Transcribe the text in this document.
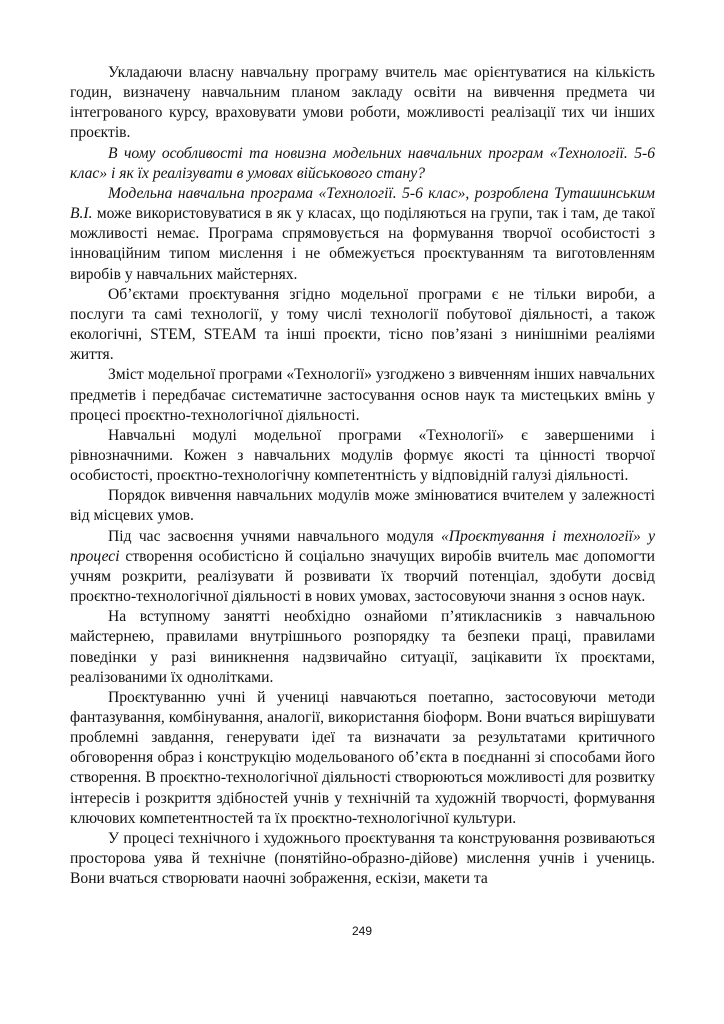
Укладаючи власну навчальну програму вчитель має орієнтуватися на кількість годин, визначену навчальним планом закладу освіти на вивчення предмета чи інтегрованого курсу, враховувати умови роботи, можливості реалізації тих чи інших проєктів.

В чому особливості та новизна модельних навчальних програм «Технології. 5-6 клас» і як їх реалізувати в умовах військового стану?

Модельна навчальна програма «Технології. 5-6 клас», розроблена Туташинським В.І. може використовуватися в як у класах, що поділяються на групи, так і там, де такої можливості немає. Програма спрямовується на формування творчої особистості з інноваційним типом мислення і не обмежується проєктуванням та виготовленням виробів у навчальних майстернях.

Об’єктами проєктування згідно модельної програми є не тільки вироби, а послуги та самі технології, у тому числі технології побутової діяльності, а також екологічні, STEM, STEAM та інші проєкти, тісно пов’язані з нинішніми реаліями життя.

Зміст модельної програми «Технології» узгоджено з вивченням інших навчальних предметів і передбачає систематичне застосування основ наук та мистецьких вмінь у процесі проєктно-технологічної діяльності.

Навчальні модулі модельної програми «Технології» є завершеними і рівнозначними. Кожен з навчальних модулів формує якості та цінності творчої особистості, проєктно-технологічну компетентність у відповідній галузі діяльності.

Порядок вивчення навчальних модулів може змінюватися вчителем у залежності від місцевих умов.

Під час засвоєння учнями навчального модуля «Проєктування і технології» у процесі створення особистісно й соціально значущих виробів вчитель має допомогти учням розкрити, реалізувати й розвивати їх творчий потенціал, здобути досвід проєктно-технологічної діяльності в нових умовах, застосовуючи знання з основ наук.

На вступному занятті необхідно ознайоми п’ятикласників з навчальною майстернею, правилами внутрішнього розпорядку та безпеки праці, правилами поведінки у разі виникнення надзвичайно ситуації, зацікавити їх проєктами, реалізованими їх однолітками.

Проєктуванню учні й учениці навчаються поетапно, застосовуючи методи фантазування, комбінування, аналогії, використання біоформ. Вони вчаться вирішувати проблемні завдання, генерувати ідеї та визначати за результатами критичного обговорення образ і конструкцію модельованого об’єкта в поєднанні зі способами його створення. В проєктно-технологічної діяльності створюються можливості для розвитку інтересів і розкриття здібностей учнів у технічній та художній творчості, формування ключових компетентностей та їх проєктно-технологічної культури.

У процесі технічного і художнього проєктування та конструювання розвиваються просторова уява й технічне (понятійно-образно-дійове) мислення учнів і учениць. Вони вчаться створювати наочні зображення, ескізи, макети та

249
